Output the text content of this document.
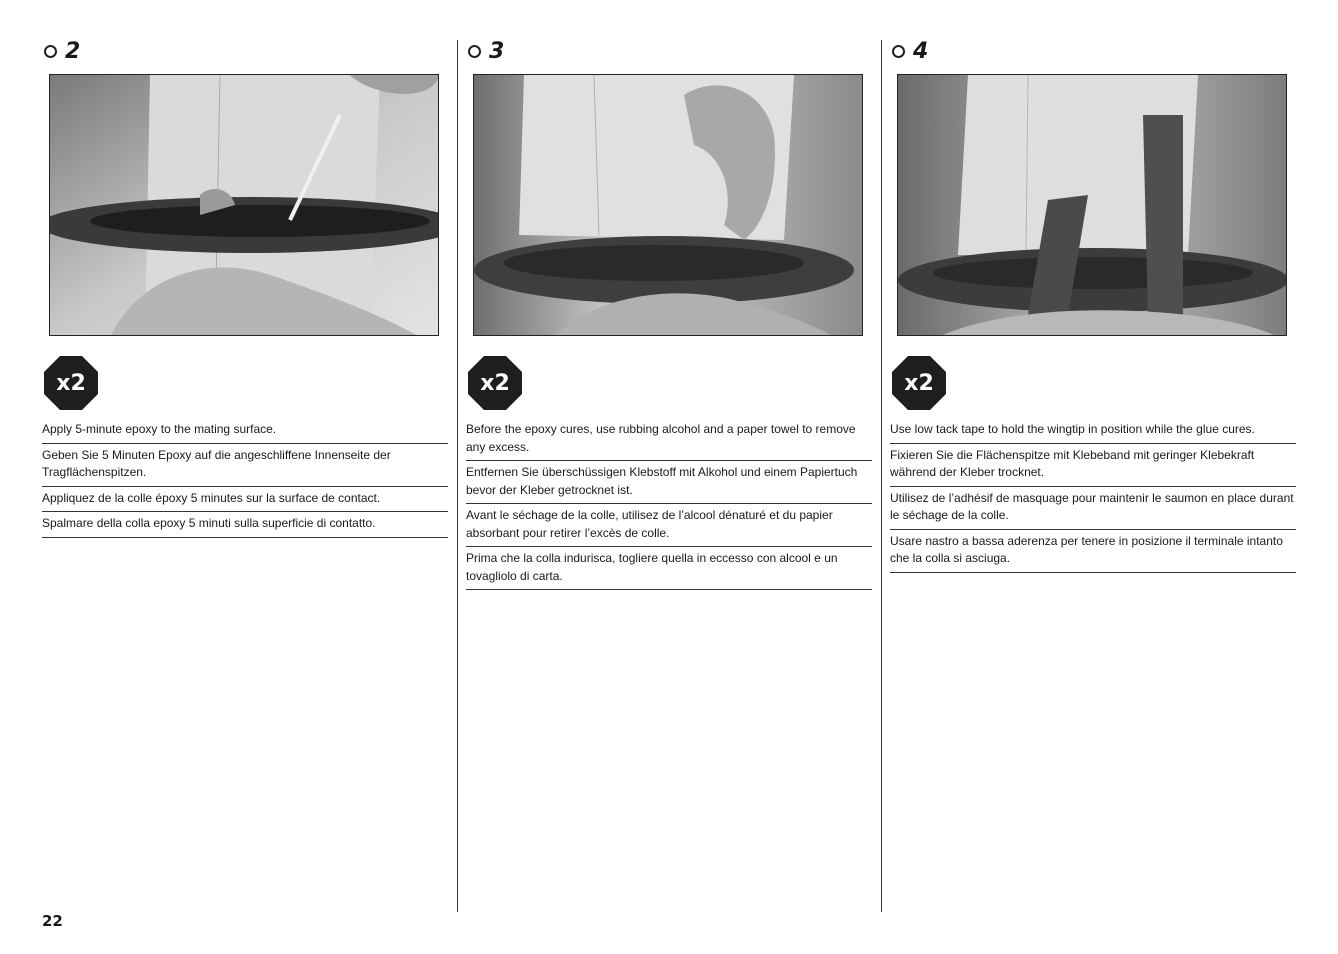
2
x2
Apply 5-minute epoxy to the mating surface.
Geben Sie 5 Minuten Epoxy auf die angeschliffene Innenseite der Tragflächenspitzen.
Appliquez de la colle époxy 5 minutes sur la surface de contact.
Spalmare della colla epoxy 5 minuti sulla superficie di contatto.
3
x2
Before the epoxy cures, use rubbing alcohol and a paper towel to remove any excess.
Entfernen Sie überschüssigen Klebstoff mit Alkohol und einem Papiertuch bevor der Kleber getrocknet ist.
Avant le séchage de la colle, utilisez de l’alcool dénaturé et du papier absorbant pour retirer l’excès de colle.
Prima che la colla indurisca, togliere quella in eccesso con alcool e un tovagliolo di carta.
4
x2
Use low tack tape to hold the wingtip in position while the glue cures.
Fixieren Sie die Flächenspitze mit Klebeband mit geringer Klebekraft während der Kleber trocknet.
Utilisez de l’adhésif de masquage pour maintenir le saumon en place durant le séchage de la colle.
Usare nastro a bassa aderenza per tenere in posizione il terminale intanto che la colla si asciuga.
22
